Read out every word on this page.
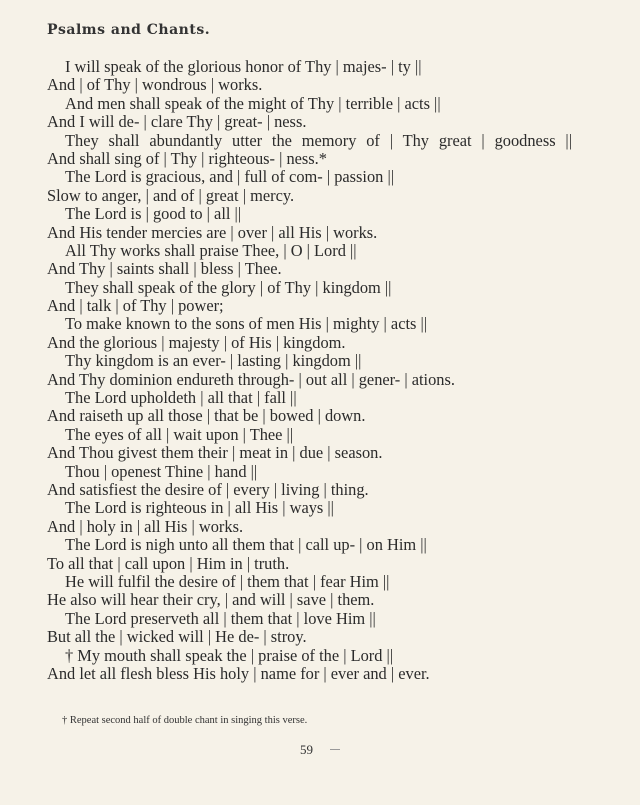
Psalms and Chants.
I will speak of the glorious honor of Thy | majes- | ty ||
And | of Thy | wondrous | works.
And men shall speak of the might of Thy | terrible | acts ||
And I will de- | clare Thy | great- | ness.
They shall abundantly utter the memory of | Thy great | goodness ||
And shall sing of | Thy | righteous- | ness.*
The Lord is gracious, and | full of com- | passion ||
Slow to anger, | and of | great | mercy.
The Lord is | good to | all ||
And His tender mercies are | over | all His | works.
All Thy works shall praise Thee, | O | Lord ||
And Thy | saints shall | bless | Thee.
They shall speak of the glory | of Thy | kingdom ||
And | talk | of Thy | power;
To make known to the sons of men His | mighty | acts ||
And the glorious | majesty | of His | kingdom.
Thy kingdom is an ever- | lasting | kingdom ||
And Thy dominion endureth through- | out all | gener- | ations.
The Lord upholdeth | all that | fall ||
And raiseth up all those | that be | bowed | down.
The eyes of all | wait upon | Thee ||
And Thou givest them their | meat in | due | season.
Thou | openest Thine | hand ||
And satisfiest the desire of | every | living | thing.
The Lord is righteous in | all His | ways ||
And | holy in | all His | works.
The Lord is nigh unto all them that | call up- | on Him ||
To all that | call upon | Him in | truth.
He will fulfil the desire of | them that | fear Him ||
He also will hear their cry, | and will | save | them.
The Lord preserveth all | them that | love Him ||
But all the | wicked will | He de- | stroy.
† My mouth shall speak the | praise of the | Lord ||
And let all flesh bless His holy | name for | ever and | ever.
† Repeat second half of double chant in singing this verse.
59
